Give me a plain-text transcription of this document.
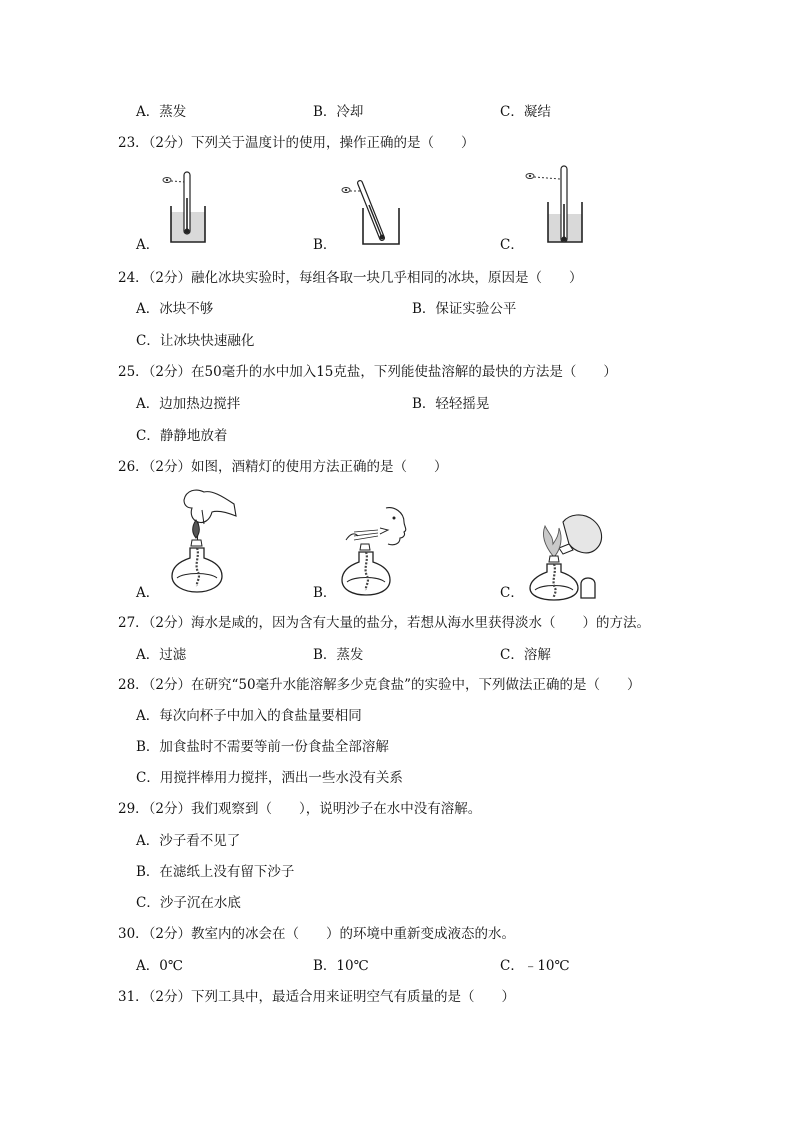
A．蒸发	B．冷却	C．凝结
23．（2分）下列关于温度计的使用，操作正确的是（　　）
A．	B．	C．
24．（2分）融化冰块实验时，每组各取一块几乎相同的冰块，原因是（　　）
A．冰块不够	B．保证实验公平
C．让冰块快速融化
25．（2分）在50毫升的水中加入15克盐，下列能使盐溶解的最快的方法是（　　）
A．边加热边搅拌	B．轻轻摇晃
C．静静地放着
26．（2分）如图，酒精灯的使用方法正确的是（　　）
A．	B．	C．
27．（2分）海水是咸的，因为含有大量的盐分，若想从海水里获得淡水（　　）的方法。
A．过滤	B．蒸发	C．溶解
28．（2分）在研究“50毫升水能溶解多少克食盐”的实验中，下列做法正确的是（　　）
A．每次向杯子中加入的食盐量要相同
B．加食盐时不需要等前一份食盐全部溶解
C．用搅拌棒用力搅拌，洒出一些水没有关系
29．（2分）我们观察到（　　），说明沙子在水中没有溶解。
A．沙子看不见了
B．在滤纸上没有留下沙子
C．沙子沉在水底
30．（2分）教室内的冰会在（　　）的环境中重新变成液态的水。
A．0℃	B．10℃	C．﹣10℃
31．（2分）下列工具中，最适合用来证明空气有质量的是（　　）
